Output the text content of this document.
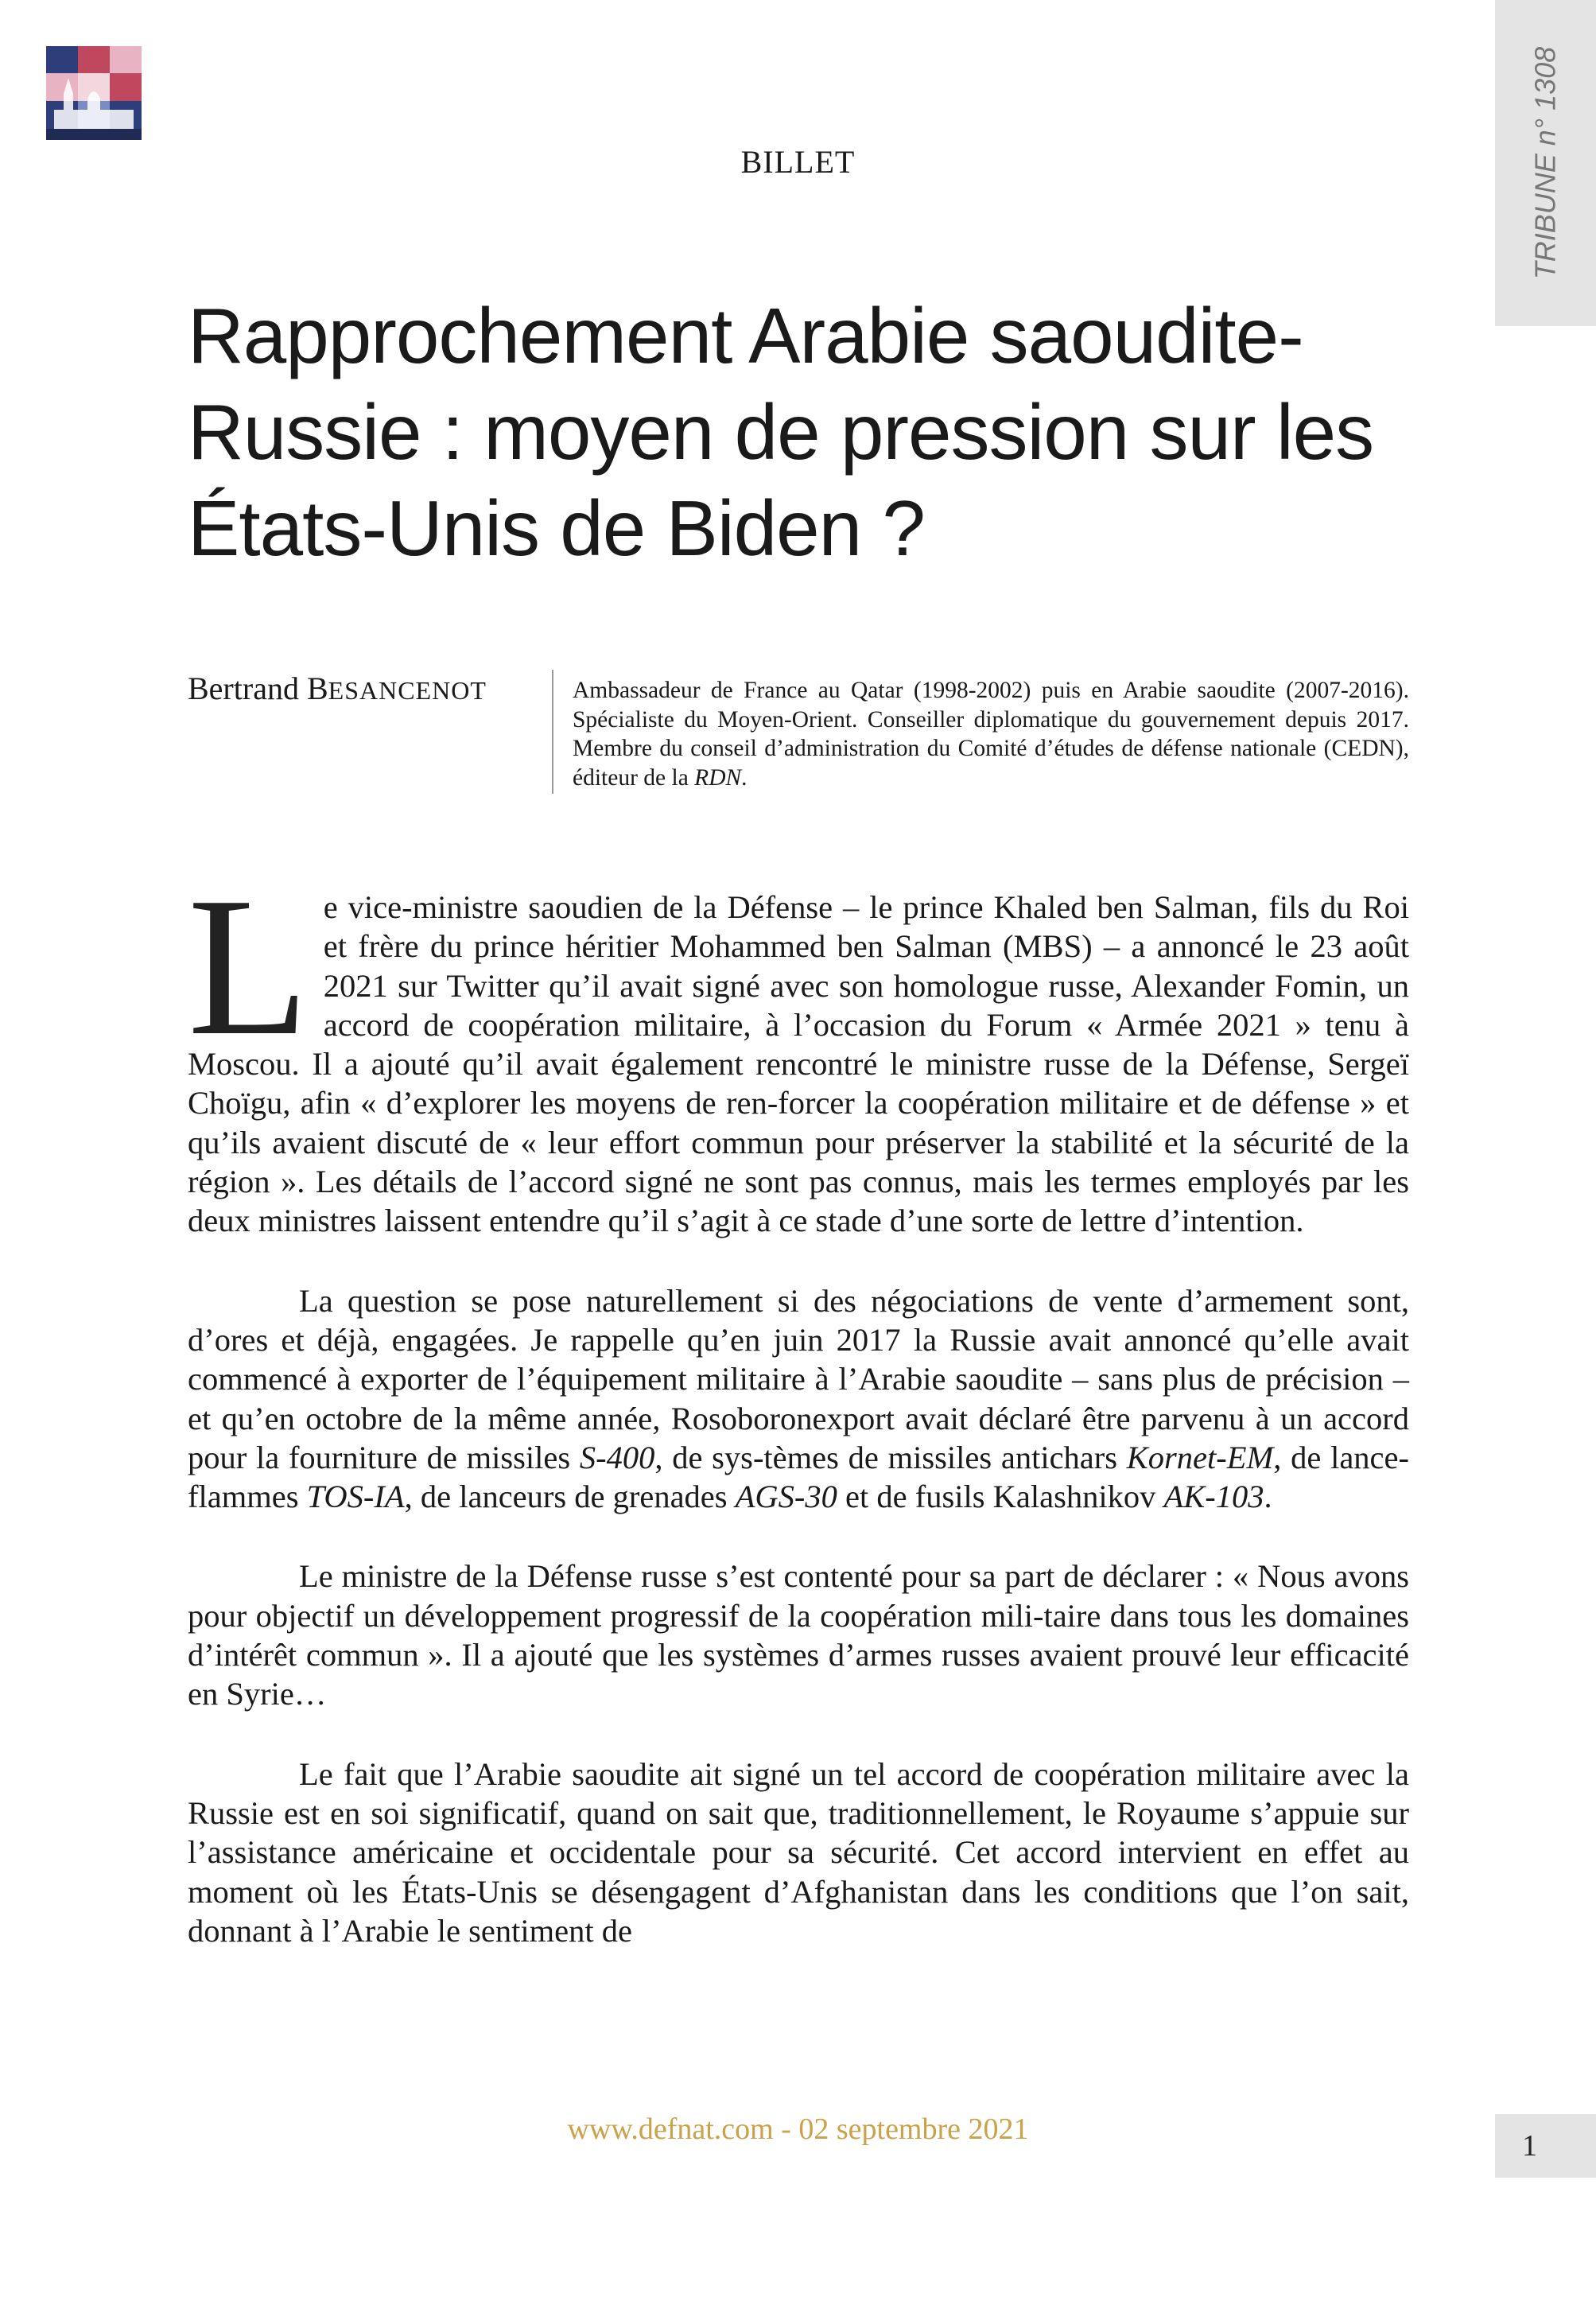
TRIBUNE n° 1308
BILLET
Rapprochement Arabie saoudite-Russie : moyen de pression sur les États-Unis de Biden ?
Bertrand BESANCENOT	Ambassadeur de France au Qatar (1998-2002) puis en Arabie saoudite (2007-2016). Spécialiste du Moyen-Orient. Conseiller diplomatique du gouvernement depuis 2017. Membre du conseil d’administration du Comité d’études de défense nationale (CEDN), éditeur de la RDN.

Le vice-ministre saoudien de la Défense – le prince Khaled ben Salman, fils du Roi et frère du prince héritier Mohammed ben Salman (MBS) – a annoncé le 23 août 2021 sur Twitter qu’il avait signé avec son homologue russe, Alexander Fomin, un accord de coopération militaire, à l’occasion du Forum « Armée 2021 » tenu à Moscou. Il a ajouté qu’il avait également rencontré le ministre russe de la Défense, Sergeï Choïgu, afin « d’explorer les moyens de ren-forcer la coopération militaire et de défense » et qu’ils avaient discuté de « leur effort commun pour préserver la stabilité et la sécurité de la région ». Les détails de l’accord signé ne sont pas connus, mais les termes employés par les deux ministres laissent entendre qu’il s’agit à ce stade d’une sorte de lettre d’intention.

La question se pose naturellement si des négociations de vente d’armement sont, d’ores et déjà, engagées. Je rappelle qu’en juin 2017 la Russie avait annoncé qu’elle avait commencé à exporter de l’équipement militaire à l’Arabie saoudite – sans plus de précision – et qu’en octobre de la même année, Rosoboronexport avait déclaré être parvenu à un accord pour la fourniture de missiles S-400, de sys-tèmes de missiles antichars Kornet-EM, de lance-flammes TOS-IA, de lanceurs de grenades AGS-30 et de fusils Kalashnikov AK-103.

Le ministre de la Défense russe s’est contenté pour sa part de déclarer : « Nous avons pour objectif un développement progressif de la coopération mili-taire dans tous les domaines d’intérêt commun ». Il a ajouté que les systèmes d’armes russes avaient prouvé leur efficacité en Syrie…

Le fait que l’Arabie saoudite ait signé un tel accord de coopération militaire avec la Russie est en soi significatif, quand on sait que, traditionnellement, le Royaume s’appuie sur l’assistance américaine et occidentale pour sa sécurité. Cet accord intervient en effet au moment où les États-Unis se désengagent d’Afghanistan dans les conditions que l’on sait, donnant à l’Arabie le sentiment de

www.defnat.com - 02 septembre 2021	1
